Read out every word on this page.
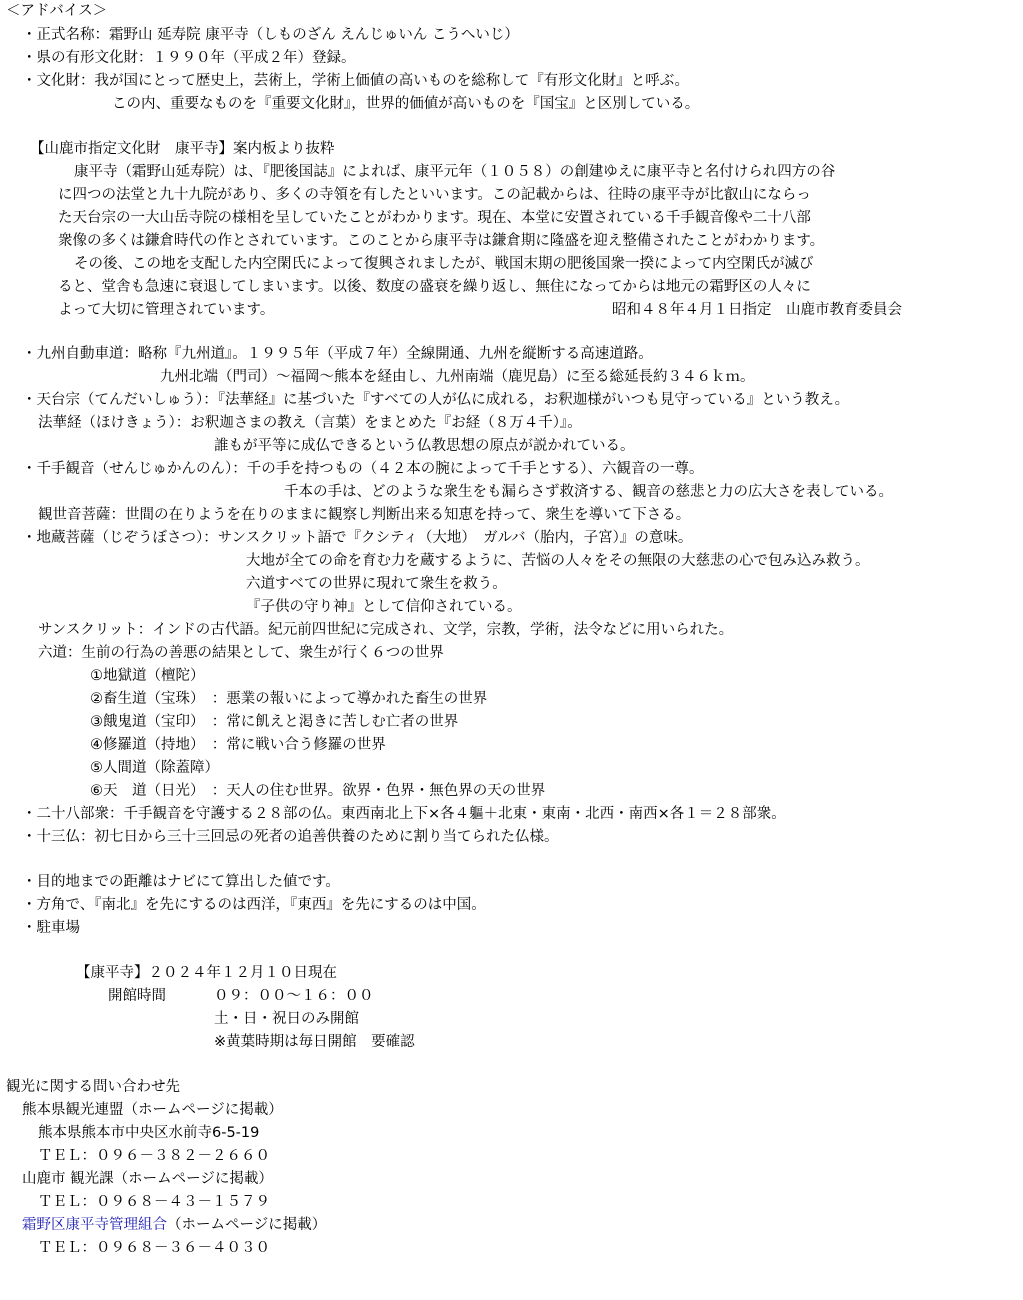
＜アドバイス＞
・正式名称：霜野山 延寿院 康平寺（しものざん えんじゅいん こうへいじ）
・県の有形文化財：１９９０年（平成２年）登録。
・文化財：我が国にとって歴史上，芸術上，学術上価値の高いものを総称して『有形文化財』と呼ぶ。
この内、重要なものを『重要文化財』，世界的価値が高いものを『国宝』と区別している。
【山鹿市指定文化財　康平寺】案内板より抜粋
康平寺（霜野山延寿院）は、『肥後国誌』によれば、康平元年（１０５８）の創建ゆえに康平寺と名付けられ四方の谷
に四つの法堂と九十九院があり、多くの寺領を有したといいます。この記載からは、往時の康平寺が比叡山にならっ
た天台宗の一大山岳寺院の様相を呈していたことがわかります。現在、本堂に安置されている千手観音像や二十八部
衆像の多くは鎌倉時代の作とされています。このことから康平寺は鎌倉期に隆盛を迎え整備されたことがわかります。
その後、この地を支配した内空閑氏によって復興されましたが、戦国末期の肥後国衆一揆によって内空閑氏が滅び
ると、堂舎も急速に衰退してしまいます。以後、数度の盛衰を繰り返し、無住になってからは地元の霜野区の人々に
よって大切に管理されています。	昭和４８年４月１日指定　山鹿市教育委員会
・九州自動車道：略称『九州道』。１９９５年（平成７年）全線開通、九州を縦断する高速道路。
九州北端（門司）～福岡～熊本を経由し、九州南端（鹿児島）に至る総延長約３４６ｋｍ。
・天台宗（てんだいしゅう）：『法華経』に基づいた『すべての人が仏に成れる，お釈迦様がいつも見守っている』という教え。
法華経（ほけきょう）：お釈迦さまの教え（言葉）をまとめた『お経（８万４千）』。
誰もが平等に成仏できるという仏教思想の原点が説かれている。
・千手観音（せんじゅかんのん）：千の手を持つもの（４２本の腕によって千手とする）、六観音の一尊。
千本の手は、どのような衆生をも漏らさず救済する、観音の慈悲と力の広大さを表している。
観世音菩薩：世間の在りようを在りのままに観察し判断出来る知恵を持って、衆生を導いて下さる。
・地蔵菩薩（じぞうぼさつ）：サンスクリット語で『クシティ（大地）　ガルバ（胎内，子宮）』の意味。
大地が全ての命を育む力を蔵するように、苦悩の人々をその無限の大慈悲の心で包み込み救う。
六道すべての世界に現れて衆生を救う。
『子供の守り神』として信仰されている。
サンスクリット：インドの古代語。紀元前四世紀に完成され、文学，宗教，学術，法令などに用いられた。
六道：生前の行為の善悪の結果として、衆生が行く６つの世界
①地獄道（檀陀）
②畜生道（宝珠）　：悪業の報いによって導かれた畜生の世界
③餓鬼道（宝印）　：常に飢えと渇きに苦しむ亡者の世界
④修羅道（持地）　：常に戦い合う修羅の世界
⑤人間道（除蓋障）
⑥天　道（日光）　：天人の住む世界。欲界・色界・無色界の天の世界
・二十八部衆：千手観音を守護する２８部の仏。東西南北上下×各４軀＋北東・東南・北西・南西×各１＝２８部衆。
・十三仏：初七日から三十三回忌の死者の追善供養のために割り当てられた仏様。
・目的地までの距離はナビにて算出した値です。
・方角で、『南北』を先にするのは西洋，『東西』を先にするのは中国。
・駐車場
【康平寺】２０２４年１２月１０日現在
開館時間	０９：００～１６：００
土・日・祝日のみ開館
※黄葉時期は毎日開館　要確認
観光に関する問い合わせ先
熊本県観光連盟（ホームページに掲載）
熊本県熊本市中央区水前寺6-5-19
ＴＥＬ：０９６－３８２－２６６０
山鹿市 観光課（ホームページに掲載）
ＴＥＬ：０９６８－４３－１５７９
霜野区康平寺管理組合（ホームページに掲載）
ＴＥＬ：０９６８－３６－４０３０
